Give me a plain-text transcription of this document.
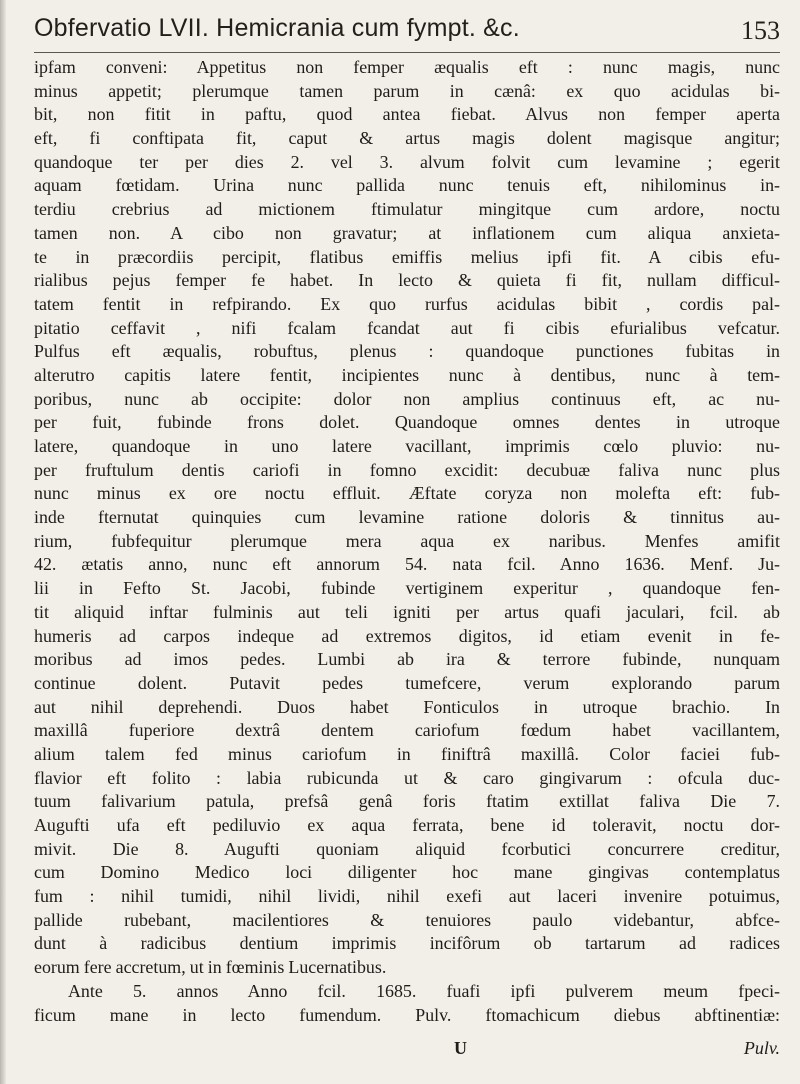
Obfervatio LVII. Hemicrania cum fympt. &c.	153
ipfam conveni: Appetitus non femper æqualis eft : nunc magis, nunc
minus appetit; plerumque tamen parum in cænâ: ex quo acidulas bi-
bit, non fitit in paftu, quod antea fiebat. Alvus non femper aperta
eft, fi conftipata fit, caput & artus magis dolent magisque angitur;
quandoque ter per dies 2. vel 3. alvum folvit cum levamine ; egerit
aquam fœtidam. Urina nunc pallida nunc tenuis eft, nihilominus in-
terdiu crebrius ad mictionem ftimulatur mingitque cum ardore, noctu
tamen non. A cibo non gravatur; at inflationem cum aliqua anxieta-
te in præcordiis percipit, flatibus emiffis melius ipfi fit. A cibis efu-
rialibus pejus femper fe habet. In lecto & quieta fi fit, nullam difficul-
tatem fentit in refpirando. Ex quo rurfus acidulas bibit , cordis pal-
pitatio ceffavit , nifi fcalam fcandat aut fi cibis efurialibus vefcatur.
Pulfus eft æqualis, robuftus, plenus : quandoque punctiones fubitas in
alterutro capitis latere fentit, incipientes nunc à dentibus, nunc à tem-
poribus, nunc ab occipite: dolor non amplius continuus eft, ac nu-
per fuit, fubinde frons dolet. Quandoque omnes dentes in utroque
latere, quandoque in uno latere vacillant, imprimis cœlo pluvio: nu-
per fruftulum dentis cariofi in fomno excidit: decubuæ faliva nunc plus
nunc minus ex ore noctu effluit. Æftate coryza non molefta eft: fub-
inde fternutat quinquies cum levamine ratione doloris & tinnitus au-
rium, fubfequitur plerumque mera aqua ex naribus. Menfes amifit
42. ætatis anno, nunc eft annorum 54. nata fcil. Anno 1636. Menf. Ju-
lii in Fefto St. Jacobi, fubinde vertiginem experitur , quandoque fen-
tit aliquid inftar fulminis aut teli igniti per artus quafi jaculari, fcil. ab
humeris ad carpos indeque ad extremos digitos, id etiam evenit in fe-
moribus ad imos pedes. Lumbi ab ira & terrore fubinde, nunquam
continue dolent. Putavit pedes tumefcere, verum explorando parum
aut nihil deprehendi. Duos habet Fonticulos in utroque brachio. In
maxillâ fuperiore dextrâ dentem cariofum fœdum habet vacillantem,
alium talem fed minus cariofum in finiftrâ maxillâ. Color faciei fub-
flavior eft folito : labia rubicunda ut & caro gingivarum : ofcula duc-
tuum falivarium patula, prefsâ genâ foris ftatim extillat faliva Die 7.
Augufti ufa eft pediluvio ex aqua ferrata, bene id toleravit, noctu dor-
mivit. Die 8. Augufti quoniam aliquid fcorbutici concurrere creditur,
cum Domino Medico loci diligenter hoc mane gingivas contemplatus
fum : nihil tumidi, nihil lividi, nihil exefi aut laceri invenire potuimus,
pallide rubebant, macilentiores & tenuiores paulo videbantur, abfce-
dunt à radicibus dentium imprimis incifôrum ob tartarum ad radices
eorum fere accretum, ut in fœminis Lucernatibus.
Ante 5. annos Anno fcil. 1685. fuafi ipfi pulverem meum fpeci-
ficum mane in lecto fumendum. Pulv. ftomachicum diebus abftinentiæ:
U	Pulv.
